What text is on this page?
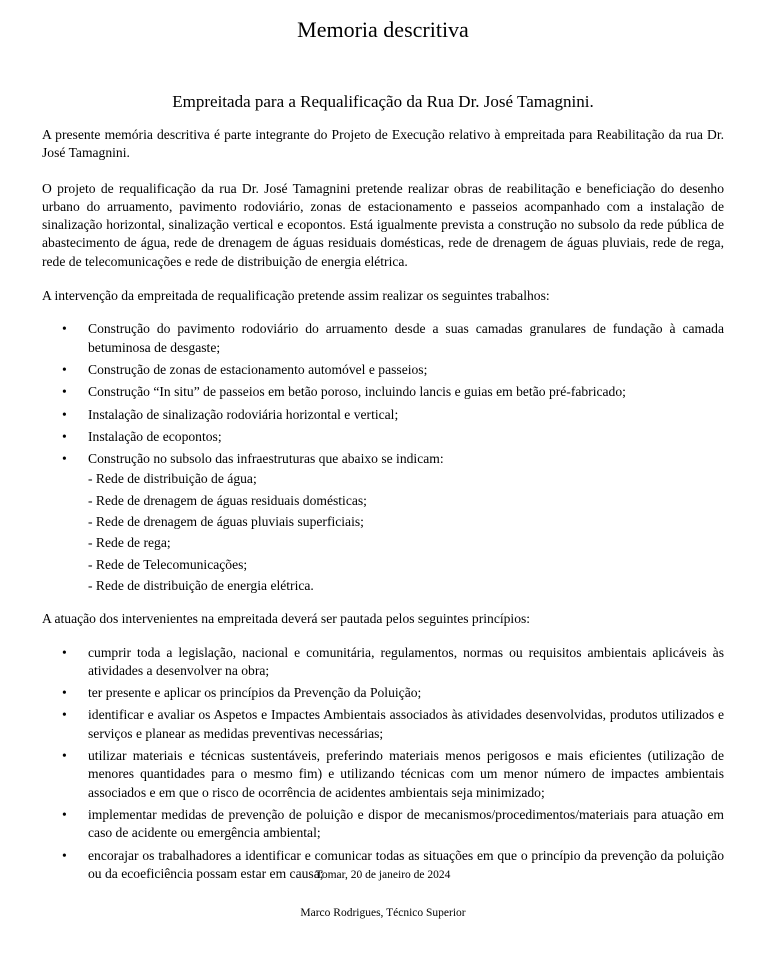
Memoria descritiva
Empreitada para a Requalificação da Rua Dr. José Tamagnini.

A presente memória descritiva é parte integrante do Projeto de Execução relativo à empreitada para Reabilitação da rua Dr. José Tamagnini.

O projeto de requalificação da rua Dr. José Tamagnini pretende realizar obras de reabilitação e beneficiação do desenho urbano do arruamento, pavimento rodoviário, zonas de estacionamento e passeios acompanhado com a instalação de sinalização horizontal, sinalização vertical e ecopontos. Está igualmente prevista a construção no subsolo da rede pública de abastecimento de água, rede de drenagem de águas residuais domésticas, rede de drenagem de águas pluviais, rede de rega, rede de telecomunicações e rede de distribuição de energia elétrica.

A intervenção da empreitada de requalificação pretende assim realizar os seguintes trabalhos:

• Construção do pavimento rodoviário do arruamento desde a suas camadas granulares de fundação à camada betuminosa de desgaste;
• Construção de zonas de estacionamento automóvel e passeios;
• Construção “In situ” de passeios em betão poroso, incluindo lancis e guias em betão pré-fabricado;
• Instalação de sinalização rodoviária horizontal e vertical;
• Instalação de ecopontos;
• Construção no subsolo das infraestruturas que abaixo se indicam:
- Rede de distribuição de água;
- Rede de drenagem de águas residuais domésticas;
- Rede de drenagem de águas pluviais superficiais;
- Rede de rega;
- Rede de Telecomunicações;
- Rede de distribuição de energia elétrica.

A atuação dos intervenientes na empreitada deverá ser pautada pelos seguintes princípios:

• cumprir toda a legislação, nacional e comunitária, regulamentos, normas ou requisitos ambientais aplicáveis às atividades a desenvolver na obra;
• ter presente e aplicar os princípios da Prevenção da Poluição;
• identificar e avaliar os Aspetos e Impactes Ambientais associados às atividades desenvolvidas, produtos utilizados e serviços e planear as medidas preventivas necessárias;
• utilizar materiais e técnicas sustentáveis, preferindo materiais menos perigosos e mais eficientes (utilização de menores quantidades para o mesmo fim) e utilizando técnicas com um menor número de impactes ambientais associados e em que o risco de ocorrência de acidentes ambientais seja minimizado;
• implementar medidas de prevenção de poluição e dispor de mecanismos/procedimentos/materiais para atuação em caso de acidente ou emergência ambiental;
• encorajar os trabalhadores a identificar e comunicar todas as situações em que o princípio da prevenção da poluição ou da ecoeficiência possam estar em causa;
Tomar, 20 de janeiro de 2024
Marco Rodrigues, Técnico Superior
